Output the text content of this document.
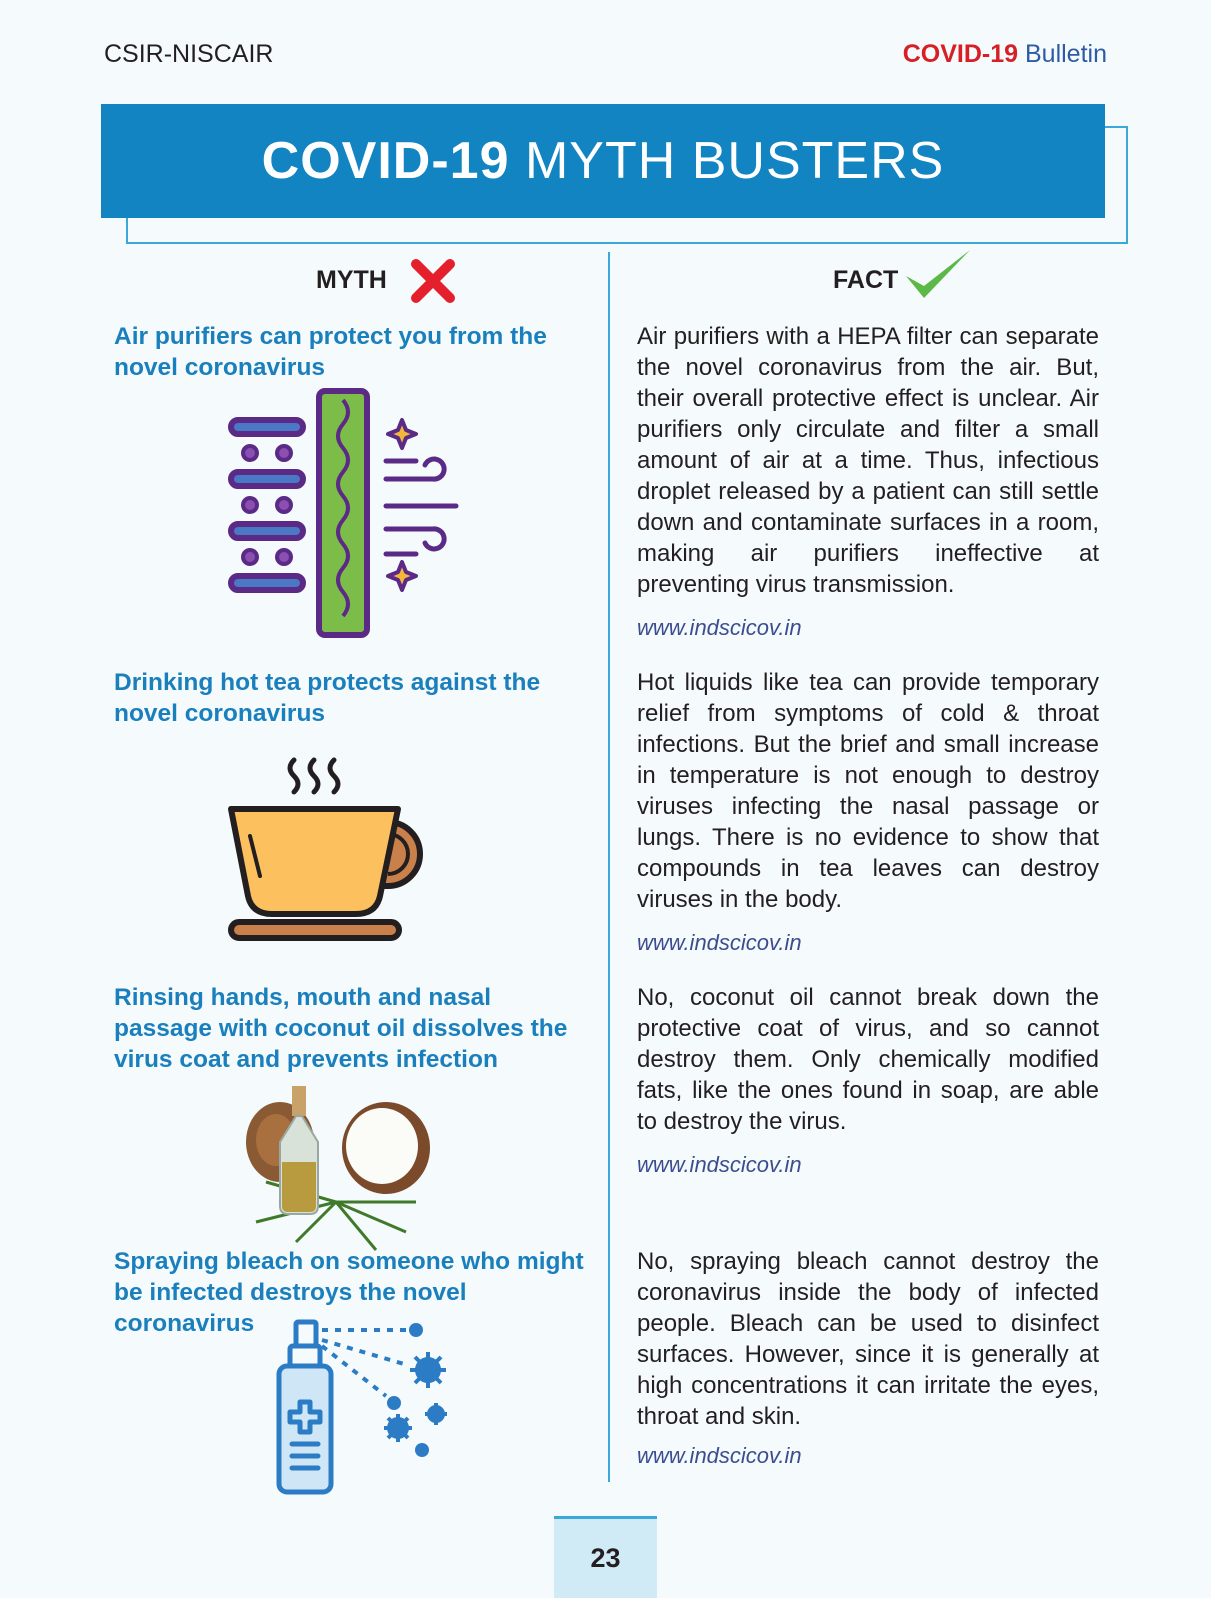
CSIR-NISCAIR	COVID-19 Bulletin
COVID-19 MYTH BUSTERS
MYTH	FACT
Air purifiers can protect you from the novel coronavirus
Air purifiers with a HEPA filter can separate the novel coronavirus from the air. But, their overall protective effect is unclear. Air purifiers only circulate and filter a small amount of air at a time. Thus, infectious droplet released by a patient can still settle down and contaminate surfaces in a room, making air purifiers ineffective at preventing virus transmission.
www.indscicov.in
Drinking hot tea protects against the novel coronavirus
Hot liquids like tea can provide temporary relief from symptoms of cold & throat infections. But the brief and small increase in temperature is not enough to destroy viruses infecting the nasal passage or lungs. There is no evidence to show that compounds in tea leaves can destroy viruses in the body.
www.indscicov.in
Rinsing hands, mouth and nasal passage with coconut oil dissolves the virus coat and prevents infection
No, coconut oil cannot break down the protective coat of virus, and so cannot destroy them. Only chemically modified fats, like the ones found in soap, are able to destroy the virus.
www.indscicov.in
Spraying bleach on someone who might be infected destroys the novel coronavirus
No, spraying bleach cannot destroy the coronavirus inside the body of infected people. Bleach can be used to disinfect surfaces. However, since it is generally at high concentrations it can irritate the eyes, throat and skin.
www.indscicov.in
23
